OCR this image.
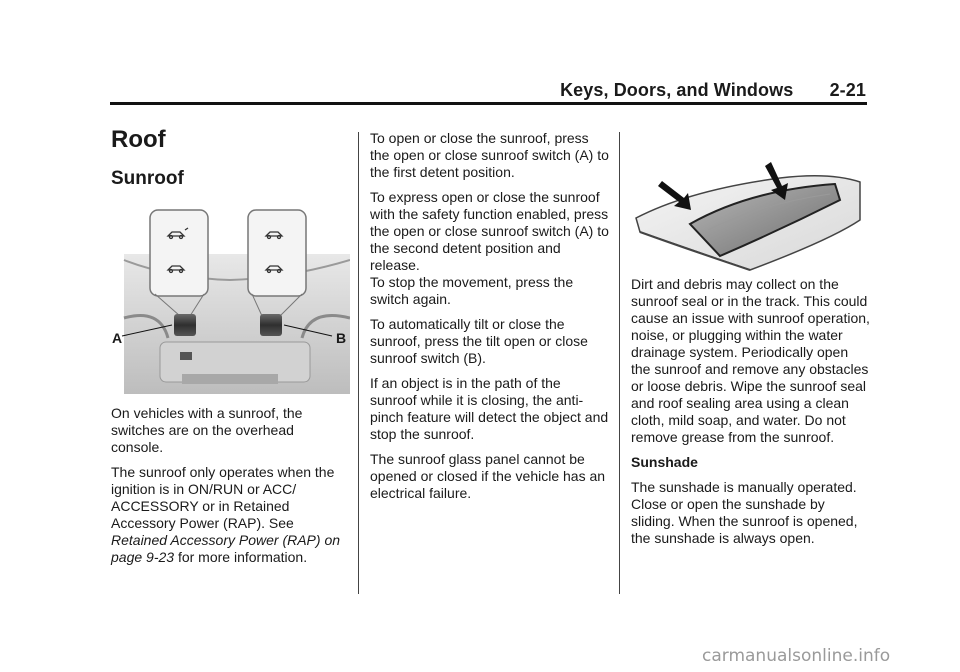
Keys, Doors, and Windows 2-21
Roof
Sunroof
A	B

On vehicles with a sunroof, the switches are on the overhead console.

The sunroof only operates when the ignition is in ON/RUN or ACC/ ACCESSORY or in Retained Accessory Power (RAP). See Retained Accessory Power (RAP) on page 9-23 for more information.

To open or close the sunroof, press the open or close sunroof switch (A) to the first detent position.

To express open or close the sunroof with the safety function enabled, press the open or close sunroof switch (A) to the second detent position and release.

To stop the movement, press the switch again.

To automatically tilt or close the sunroof, press the tilt open or close sunroof switch (B).

If an object is in the path of the sunroof while it is closing, the anti-pinch feature will detect the object and stop the sunroof.

The sunroof glass panel cannot be opened or closed if the vehicle has an electrical failure.

Dirt and debris may collect on the sunroof seal or in the track. This could cause an issue with sunroof operation, noise, or plugging within the water drainage system. Periodically open the sunroof and remove any obstacles or loose debris. Wipe the sunroof seal and roof sealing area using a clean cloth, mild soap, and water. Do not remove grease from the sunroof.

Sunshade

The sunshade is manually operated. Close or open the sunshade by sliding. When the sunroof is opened, the sunshade is always open.

carmanualsonline.info
